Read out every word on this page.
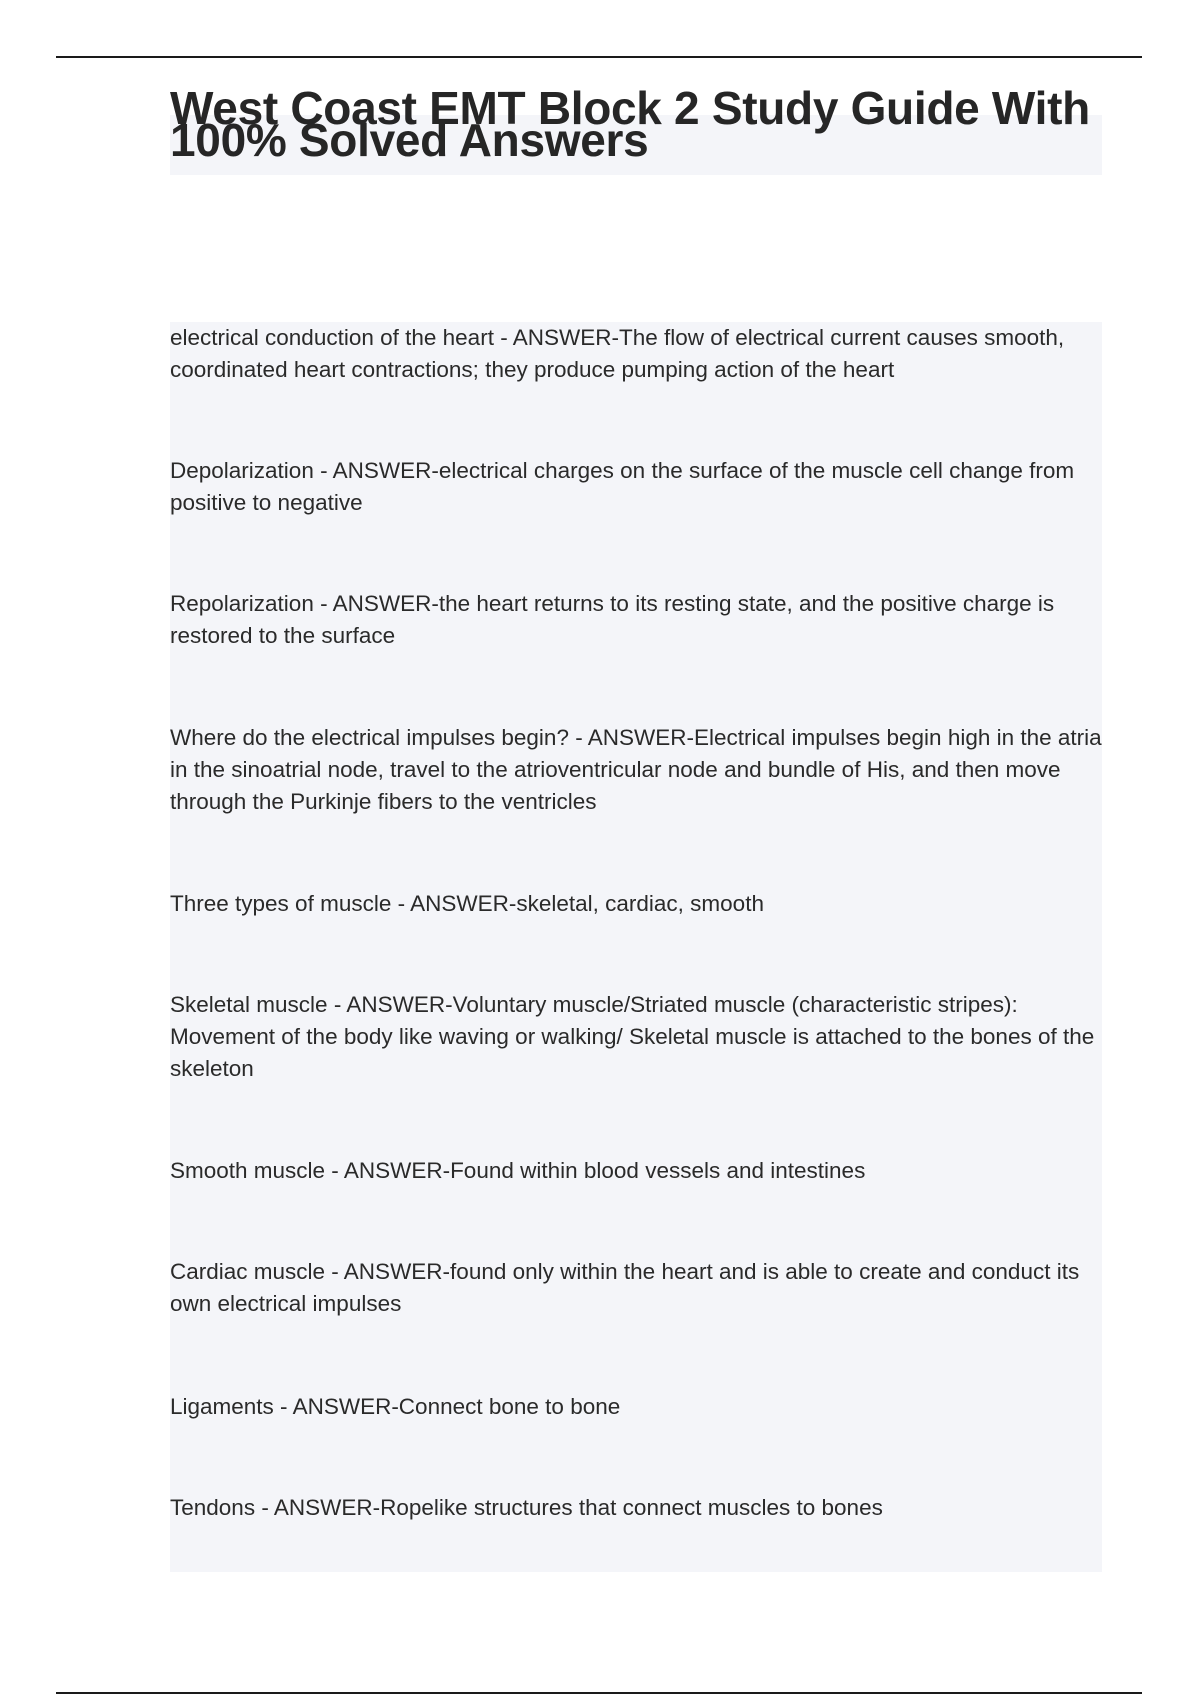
West Coast EMT Block 2 Study Guide With 100% Solved Answers

electrical conduction of the heart - ANSWER-The flow of electrical current causes smooth, coordinated heart contractions; they produce pumping action of the heart

Depolarization - ANSWER-electrical charges on the surface of the muscle cell change from positive to negative

Repolarization - ANSWER-the heart returns to its resting state, and the positive charge is restored to the surface

Where do the electrical impulses begin? - ANSWER-Electrical impulses begin high in the atria in the sinoatrial node, travel to the atrioventricular node and bundle of His, and then move through the Purkinje fibers to the ventricles

Three types of muscle - ANSWER-skeletal, cardiac, smooth

Skeletal muscle - ANSWER-Voluntary muscle/Striated muscle (characteristic stripes): Movement of the body like waving or walking/ Skeletal muscle is attached to the bones of the skeleton

Smooth muscle - ANSWER-Found within blood vessels and intestines

Cardiac muscle - ANSWER-found only within the heart and is able to create and conduct its own electrical impulses

Ligaments - ANSWER-Connect bone to bone

Tendons - ANSWER-Ropelike structures that connect muscles to bones
